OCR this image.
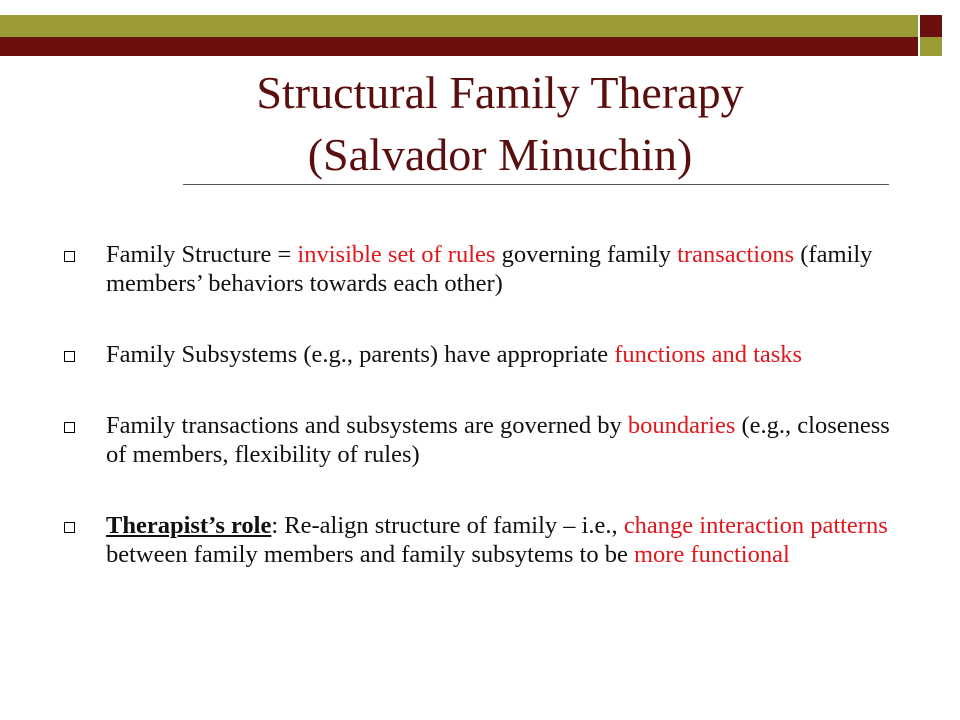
Structural Family Therapy
(Salvador Minuchin)
Family Structure = invisible set of rules governing family transactions (family members’ behaviors towards each other)
Family Subsystems (e.g., parents) have appropriate functions and tasks
Family transactions and subsystems are governed by boundaries (e.g., closeness of members, flexibility of rules)
Therapist’s role: Re-align structure of family – i.e., change interaction patterns between family members and family subsytems to be more functional
